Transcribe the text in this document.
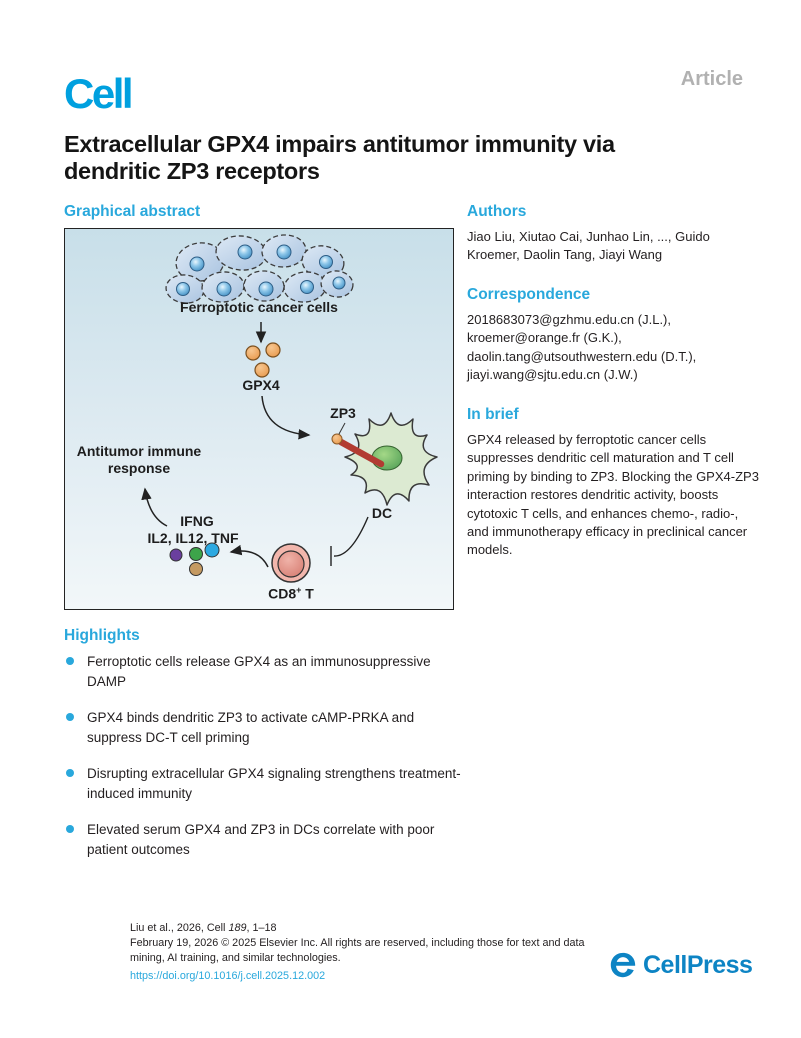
Cell	Article
Extracellular GPX4 impairs antitumor immunity via dendritic ZP3 receptors
Graphical abstract
Ferroptotic cancer cells
GPX4
ZP3
DC
Antitumor immune response
IFNG
IL2, IL12, TNF
CD8+ T
Authors

Jiao Liu, Xiutao Cai, Junhao Lin, ..., Guido Kroemer, Daolin Tang, Jiayi Wang

Correspondence
2018683073@gzhmu.edu.cn (J.L.),
kroemer@orange.fr (G.K.),
daolin.tang@utsouthwestern.edu (D.T.),
jiayi.wang@sjtu.edu.cn (J.W.)
In brief

GPX4 released by ferroptotic cancer cells suppresses dendritic cell maturation and T cell priming by binding to ZP3. Blocking the GPX4-ZP3 interaction restores dendritic activity, boosts cytotoxic T cells, and enhances chemo-, radio-, and immunotherapy efficacy in preclinical cancer models.

Highlights
Ferroptotic cells release GPX4 as an immunosuppressive DAMP
GPX4 binds dendritic ZP3 to activate cAMP-PRKA and suppress DC-T cell priming
Disrupting extracellular GPX4 signaling strengthens treatment-induced immunity
Elevated serum GPX4 and ZP3 in DCs correlate with poor patient outcomes
Liu et al., 2026, Cell 189, 1–18
February 19, 2026 © 2025 Elsevier Inc. All rights are reserved, including those for text and data mining, AI training, and similar technologies.
https://doi.org/10.1016/j.cell.2025.12.002	CellPress
